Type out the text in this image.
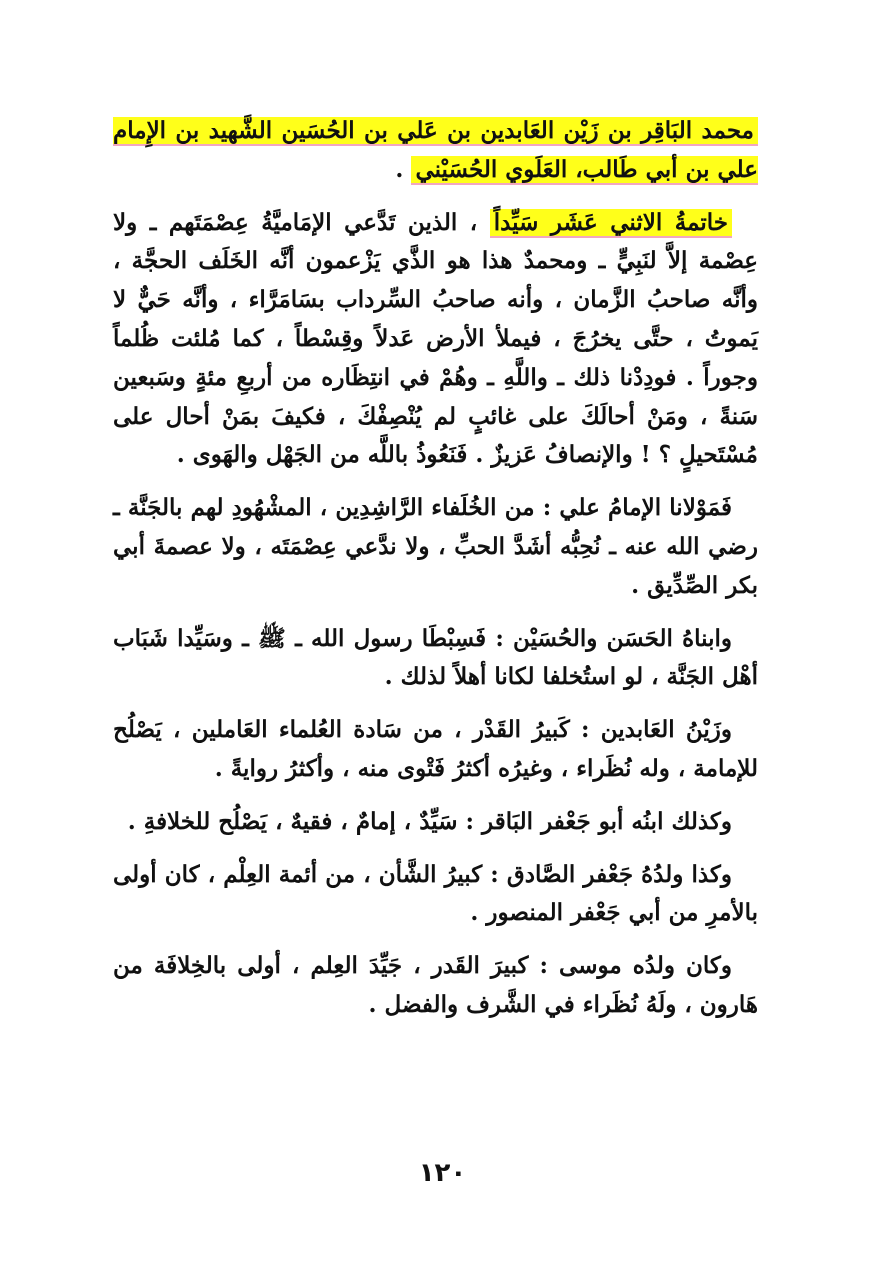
محمد البَاقِر بن زَيْن العَابدين بن عَلي بن الحُسَين الشَّهيد بن الإِمام علي بن أبي طَالب، العَلَوي الحُسَيْني .

خاتمةُ الاثني عَشَر سَيِّداً ، الذين تَدَّعي الإمَاميَّةُ عِصْمَتَهم ـ ولا عِصْمة إلاَّ لنَبِيٍّ ـ ومحمدٌ هذا هو الذَّي يَزْعمون أنَّه الخَلَف الحجَّة ، وأنَّه صاحبُ الزَّمان ، وأنه صاحبُ السِّرداب بسَامَرَّاء ، وأنَّه حَيٌّ لا يَموتُ ، حتَّى يخرُجَ ، فيملأ الأرض عَدلاً وقِسْطاً ، كما مُلئت ظُلماً وجوراً . فودِدْنا ذلك ـ واللَّهِ ـ وهُمْ في انتِظَاره من أربعِ مئةٍ وسَبعين سَنةً ، ومَنْ أحالَكَ على غائبٍ لم يُنْصِفْكَ ، فكيفَ بمَنْ أحال على مُسْتَحيلٍ ؟ ! والإنصافُ عَزيزٌ . فَنَعُوذُ باللَّه من الجَهْل والهَوى .

فَمَوْلانا الإمامُ علي : من الخُلَفاء الرَّاشِدِين ، المشْهُودِ لهم بالجَنَّة ـ رضي الله عنه ـ نُحِبُّه أشَدَّ الحبِّ ، ولا ندَّعي عِصْمَتَه ، ولا عصمةَ أبي بكر الصِّدِّيق .

وابناهُ الحَسَن والحُسَيْن : فَسِبْطَا رسول الله ـ ﷺ ـ وسَيِّدا شَبَاب أهْل الجَنَّة ، لو استُخلفا لكانا أهلاً لذلك .

وزَيْنُ العَابدين : كَبيرُ القَدْر ، من سَادة العُلماء العَاملين ، يَصْلُح للإمامة ، وله نُظَراء ، وغيرُه أكثرُ فَتْوى منه ، وأكثرُ روايةً .

وكذلك ابنُه أبو جَعْفر البَاقر : سَيِّدٌ ، إمامٌ ، فقيهٌ ، يَصْلُح للخلافةِ .

وكذا ولدُهُ جَعْفر الصَّادق : كبيرُ الشَّأن ، من أئمة العِلْم ، كان أولى بالأمرِ من أبي جَعْفر المنصور .

وكان ولدُه موسى : كبيرَ القَدر ، جَيِّدَ العِلم ، أولى بالخِلافَة من هَارون ، ولَهُ نُظَراء في الشَّرف والفضل .

١٢٠
